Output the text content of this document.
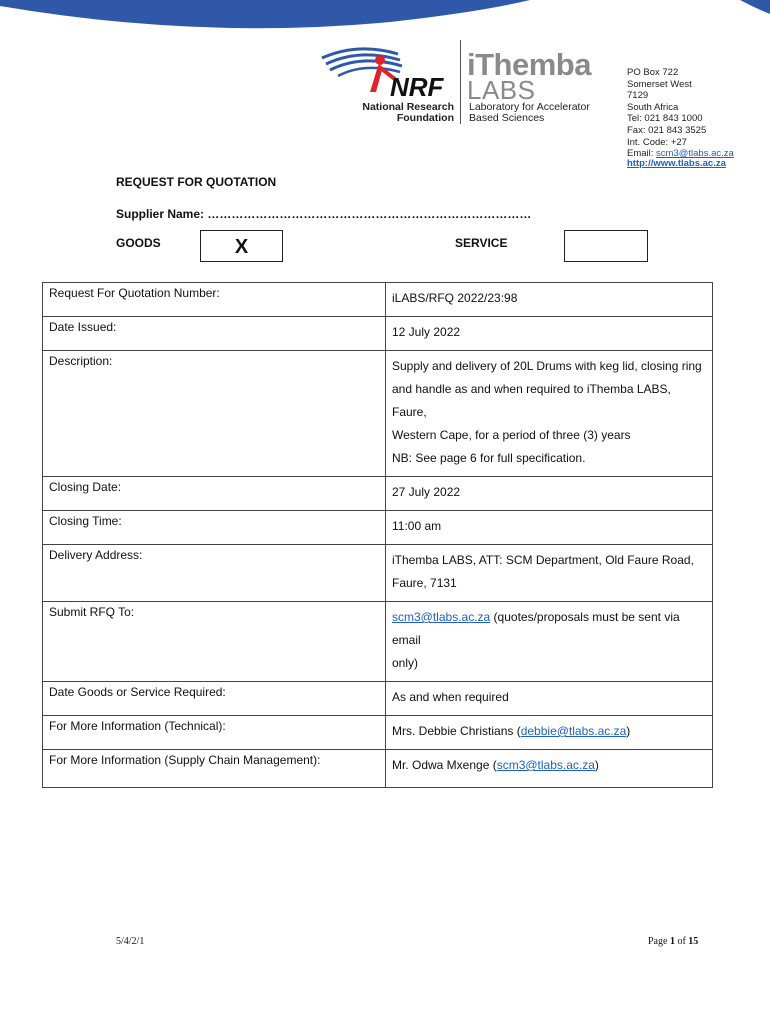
NRF
National Research
Foundation
iThemba
LABS
Laboratory for Accelerator
Based Sciences
PO Box 722
Somerset West
7129
South Africa
Tel: 021 843 1000
Fax: 021 843 3525
Int. Code: +27
Email: scm3@tlabs.ac.za
http://www.tlabs.ac.za
REQUEST FOR QUOTATION
Supplier Name: ………………………………………………………………………
GOODS	X	SERVICE
Request For Quotation Number:	iLABS/RFQ 2022/23:98
Date Issued:	12 July 2022
Description:	Supply and delivery of 20L Drums with keg lid, closing ring
and handle as and when required to iThemba LABS, Faure,
Western Cape, for a period of three (3) years
NB: See page 6 for full specification.

Closing Date:	27 July 2022
Closing Time:	11:00 am
Delivery Address:	iThemba LABS, ATT: SCM Department, Old Faure Road,
Faure, 7131

Submit RFQ To:	scm3@tlabs.ac.za (quotes/proposals must be sent via email
only)

Date Goods or Service Required:	As and when required
For More Information (Technical):	Mrs. Debbie Christians (debbie@tlabs.ac.za)
For More Information (Supply Chain Management):	Mr. Odwa Mxenge (scm3@tlabs.ac.za)
5/4/2/1	Page 1 of 15
